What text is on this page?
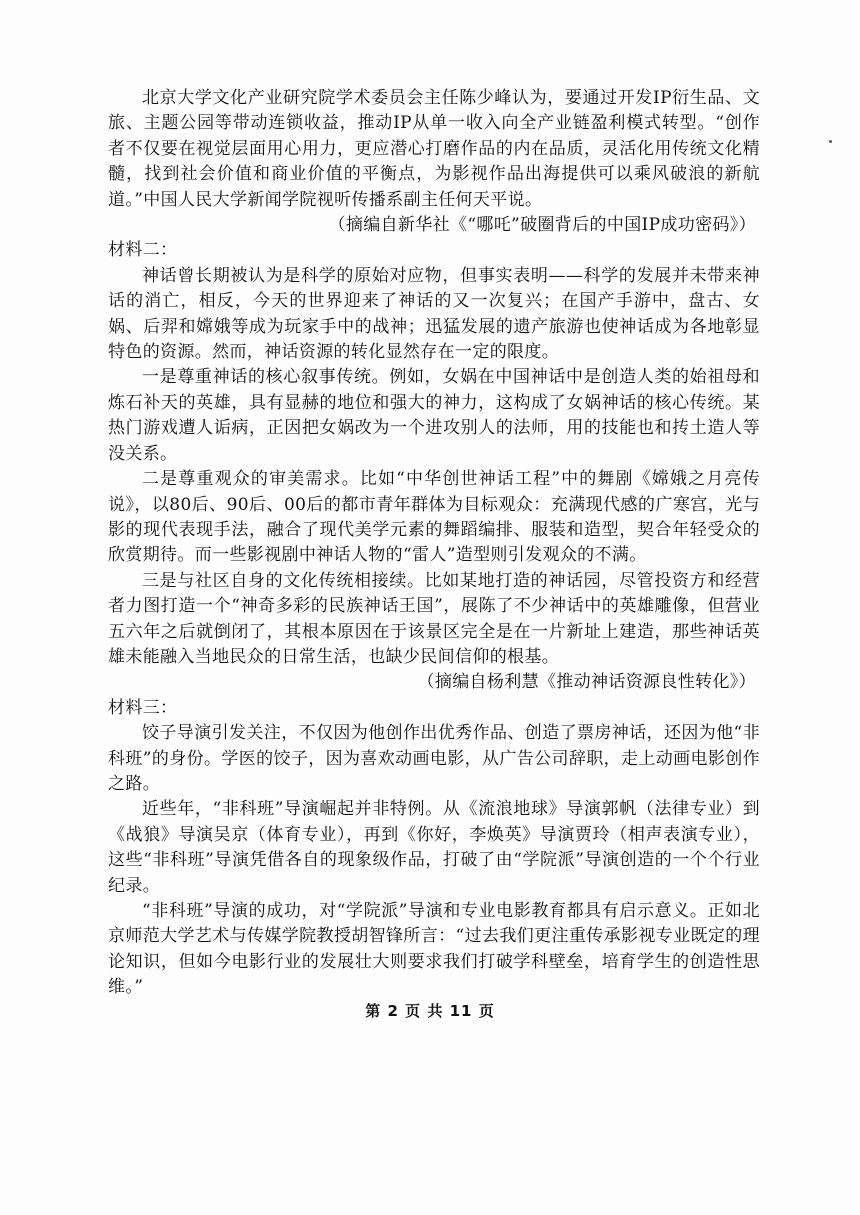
北京大学文化产业研究院学术委员会主任陈少峰认为，要通过开发IP衍生品、文旅、主题公园等带动连锁收益，推动IP从单一收入向全产业链盈利模式转型。“创作者不仅要在视觉层面用心用力，更应潜心打磨作品的内在品质，灵活化用传统文化精髓，找到社会价值和商业价值的平衡点，为影视作品出海提供可以乘风破浪的新航道。”中国人民大学新闻学院视听传播系副主任何天平说。

（摘编自新华社《“哪吒”破圈背后的中国IP成功密码》）

材料二：

神话曾长期被认为是科学的原始对应物，但事实表明——科学的发展并未带来神话的消亡，相反，今天的世界迎来了神话的又一次复兴；在国产手游中，盘古、女娲、后羿和嫦娥等成为玩家手中的战神；迅猛发展的遗产旅游也使神话成为各地彰显特色的资源。然而，神话资源的转化显然存在一定的限度。

一是尊重神话的核心叙事传统。例如，女娲在中国神话中是创造人类的始祖母和炼石补天的英雄，具有显赫的地位和强大的神力，这构成了女娲神话的核心传统。某热门游戏遭人诟病，正因把女娲改为一个进攻别人的法师，用的技能也和抟土造人等没关系。

二是尊重观众的审美需求。比如“中华创世神话工程”中的舞剧《嫦娥之月亮传说》，以80后、90后、00后的都市青年群体为目标观众：充满现代感的广寒宫，光与影的现代表现手法，融合了现代美学元素的舞蹈编排、服装和造型，契合年轻受众的欣赏期待。而一些影视剧中神话人物的“雷人”造型则引发观众的不满。

三是与社区自身的文化传统相接续。比如某地打造的神话园，尽管投资方和经营者力图打造一个“神奇多彩的民族神话王国”，展陈了不少神话中的英雄雕像，但营业五六年之后就倒闭了，其根本原因在于该景区完全是在一片新址上建造，那些神话英雄未能融入当地民众的日常生活，也缺少民间信仰的根基。

（摘编自杨利慧《推动神话资源良性转化》）

材料三：

饺子导演引发关注，不仅因为他创作出优秀作品、创造了票房神话，还因为他“非科班”的身份。学医的饺子，因为喜欢动画电影，从广告公司辞职，走上动画电影创作之路。

近些年，“非科班”导演崛起并非特例。从《流浪地球》导演郭帆（法律专业）到《战狼》导演吴京（体育专业），再到《你好，李焕英》导演贾玲（相声表演专业），这些“非科班”导演凭借各自的现象级作品，打破了由“学院派”导演创造的一个个行业纪录。

“非科班”导演的成功，对“学院派”导演和专业电影教育都具有启示意义。正如北京师范大学艺术与传媒学院教授胡智锋所言：“过去我们更注重传承影视专业既定的理论知识，但如今电影行业的发展壮大则要求我们打破学科壁垒，培育学生的创造性思维。”

第 2 页 共 11 页
